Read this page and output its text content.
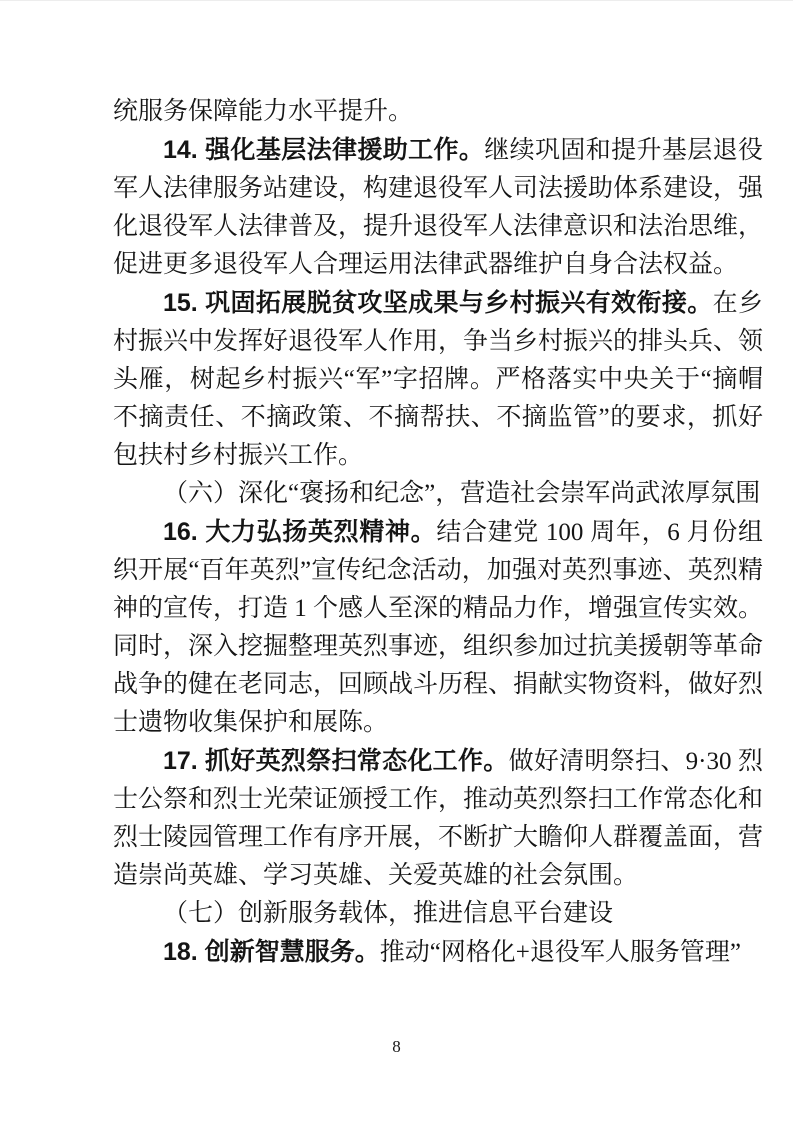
统服务保障能力水平提升。

14. 强化基层法律援助工作。继续巩固和提升基层退役军人法律服务站建设，构建退役军人司法援助体系建设，强化退役军人法律普及，提升退役军人法律意识和法治思维，促进更多退役军人合理运用法律武器维护自身合法权益。

15. 巩固拓展脱贫攻坚成果与乡村振兴有效衔接。在乡村振兴中发挥好退役军人作用，争当乡村振兴的排头兵、领头雁，树起乡村振兴“军”字招牌。严格落实中央关于“摘帽不摘责任、不摘政策、不摘帮扶、不摘监管”的要求，抓好包扶村乡村振兴工作。

（六）深化“褒扬和纪念”，营造社会崇军尚武浓厚氛围

16. 大力弘扬英烈精神。结合建党 100 周年，6 月份组织开展“百年英烈”宣传纪念活动，加强对英烈事迹、英烈精神的宣传，打造 1 个感人至深的精品力作，增强宣传实效。同时，深入挖掘整理英烈事迹，组织参加过抗美援朝等革命战争的健在老同志，回顾战斗历程、捐献实物资料，做好烈士遗物收集保护和展陈。

17. 抓好英烈祭扫常态化工作。做好清明祭扫、9·30 烈士公祭和烈士光荣证颁授工作，推动英烈祭扫工作常态化和烈士陵园管理工作有序开展，不断扩大瞻仰人群覆盖面，营造崇尚英雄、学习英雄、关爱英雄的社会氛围。

（七）创新服务载体，推进信息平台建设

18. 创新智慧服务。推动“网格化+退役军人服务管理”

8
